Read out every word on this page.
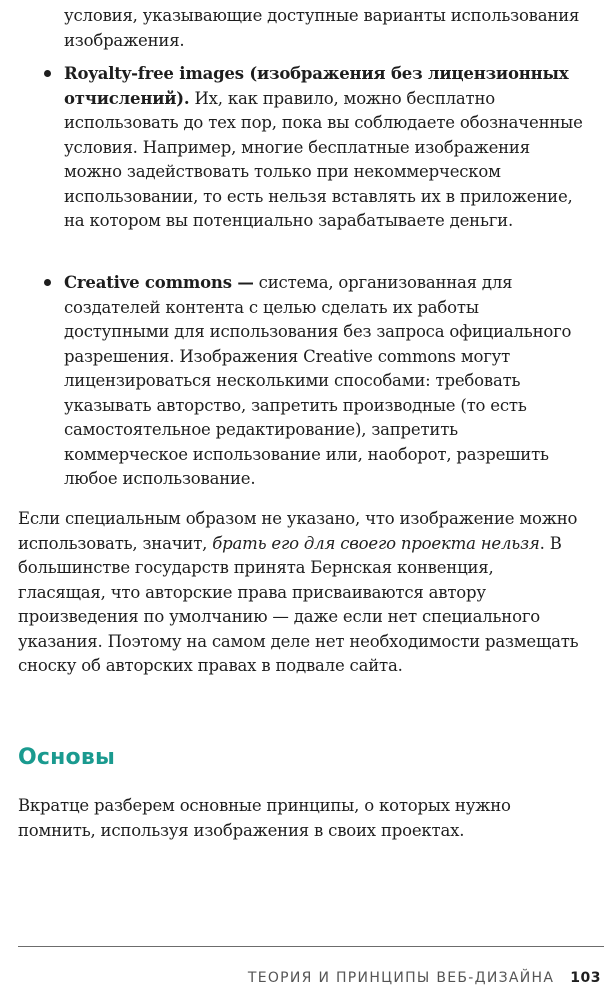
условия, указывающие доступные варианты использования изображения.
Royalty-free images (изображения без лицензионных отчислений). Их, как правило, можно бесплатно использовать до тех пор, пока вы соблюдаете обозначенные условия. Например, многие бесплатные изображения можно задействовать только при некоммерческом использовании, то есть нельзя вставлять их в приложение, на котором вы потенциально зарабатываете деньги.
Creative commons — система, организованная для создателей контента с целью сделать их работы доступными для использования без запроса официального разрешения. Изображения Creative commons могут лицензироваться несколькими способами: требовать указывать авторство, запретить производные (то есть самостоятельное редактирование), запретить коммерческое использование или, наоборот, разрешить любое использование.
Если специальным образом не указано, что изображение можно использовать, значит, брать его для своего проекта нельзя. В большинстве государств принята Бернская конвенция, гласящая, что авторские права присваиваются автору произведения по умолчанию — даже если нет специального указания. Поэтому на самом деле нет необходимости размещать сноску об авторских правах в подвале сайта.
Основы
Вкратце разберем основные принципы, о которых нужно помнить, используя изображения в своих проектах.
ТЕОРИЯ И ПРИНЦИПЫ ВЕБ-ДИЗАЙНА 103
